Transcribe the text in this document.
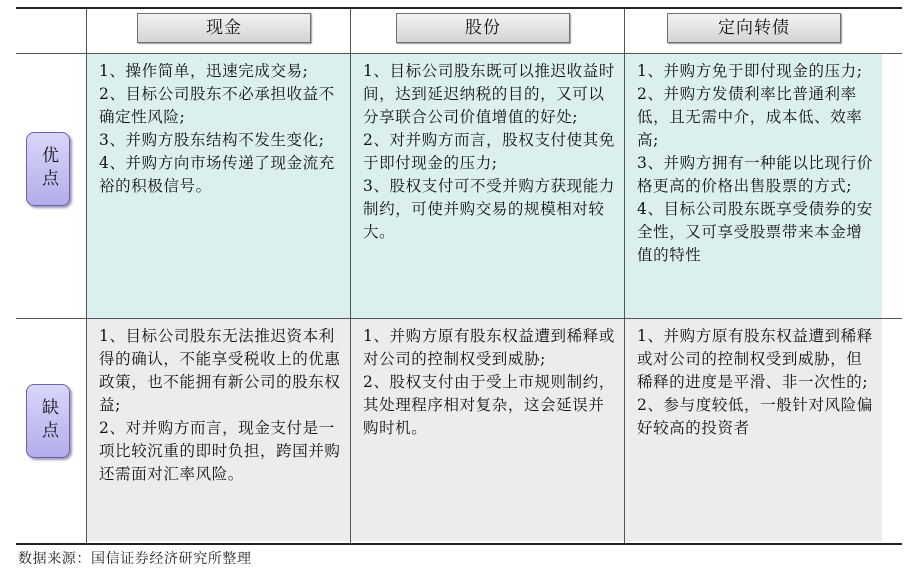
现金	股份	定向转债
优点

1、操作简单，迅速完成交易;

2、目标公司股东不必承担收益不确定性风险;

3、并购方股东结构不发生变化;

4、并购方向市场传递了现金流充裕的积极信号。

1、目标公司股东既可以推迟收益时间，达到延迟纳税的目的，又可以分享联合公司价值增值的好处;

2、对并购方而言，股权支付使其免于即付现金的压力;

3、股权支付可不受并购方获现能力制约，可使并购交易的规模相对较大。

1、并购方免于即付现金的压力;

2、并购方发债利率比普通利率低，且无需中介，成本低、效率高;

3、并购方拥有一种能以比现行价格更高的价格出售股票的方式;

4、目标公司股东既享受债券的安全性，又可享受股票带来本金增值的特性

缺点

1、目标公司股东无法推迟资本利得的确认，不能享受税收上的优惠政策，也不能拥有新公司的股东权益;

2、对并购方而言，现金支付是一项比较沉重的即时负担，跨国并购还需面对汇率风险。

1、并购方原有股东权益遭到稀释或对公司的控制权受到威胁;

2、股权支付由于受上市规则制约，其处理程序相对复杂，这会延误并购时机。

1、并购方原有股东权益遭到稀释或对公司的控制权受到威胁，但稀释的进度是平滑、非一次性的;

2、参与度较低，一般针对风险偏好较高的投资者

数据来源：国信证券经济研究所整理
